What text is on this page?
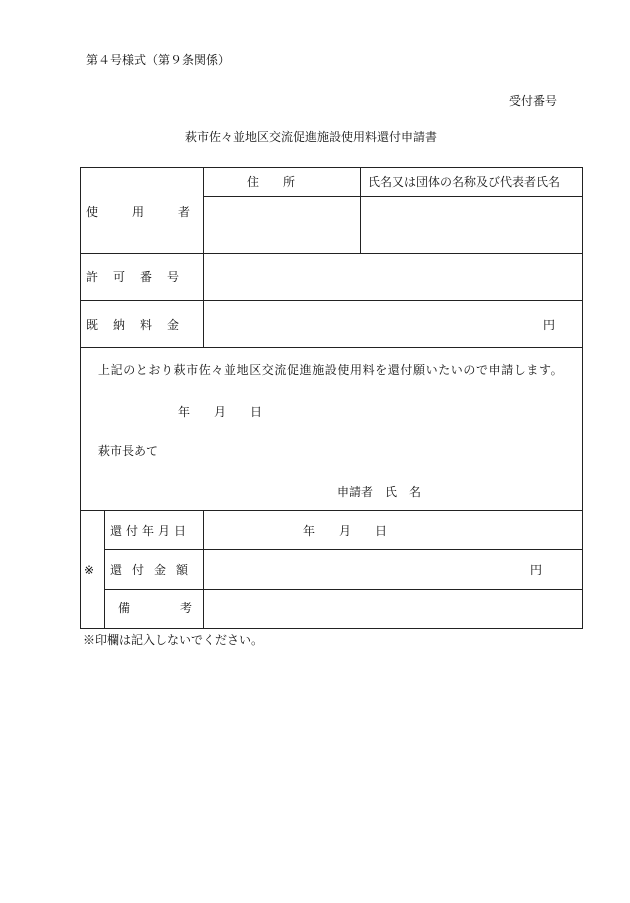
第４号様式（第９条関係）
受付番号
萩市佐々並地区交流促進施設使用料還付申請書
使用者
住　　所	氏名又は団体の名称及び代表者氏名
許可番号
既納料金	円
上記のとおり萩市佐々並地区交流促進施設使用料を還付願いたいので申請します。
年　　月　　日
萩市長あて
申請者　氏　名
※
還付年月日	年　　月　　日
還付金額	円
備考
※印欄は記入しないでください。
